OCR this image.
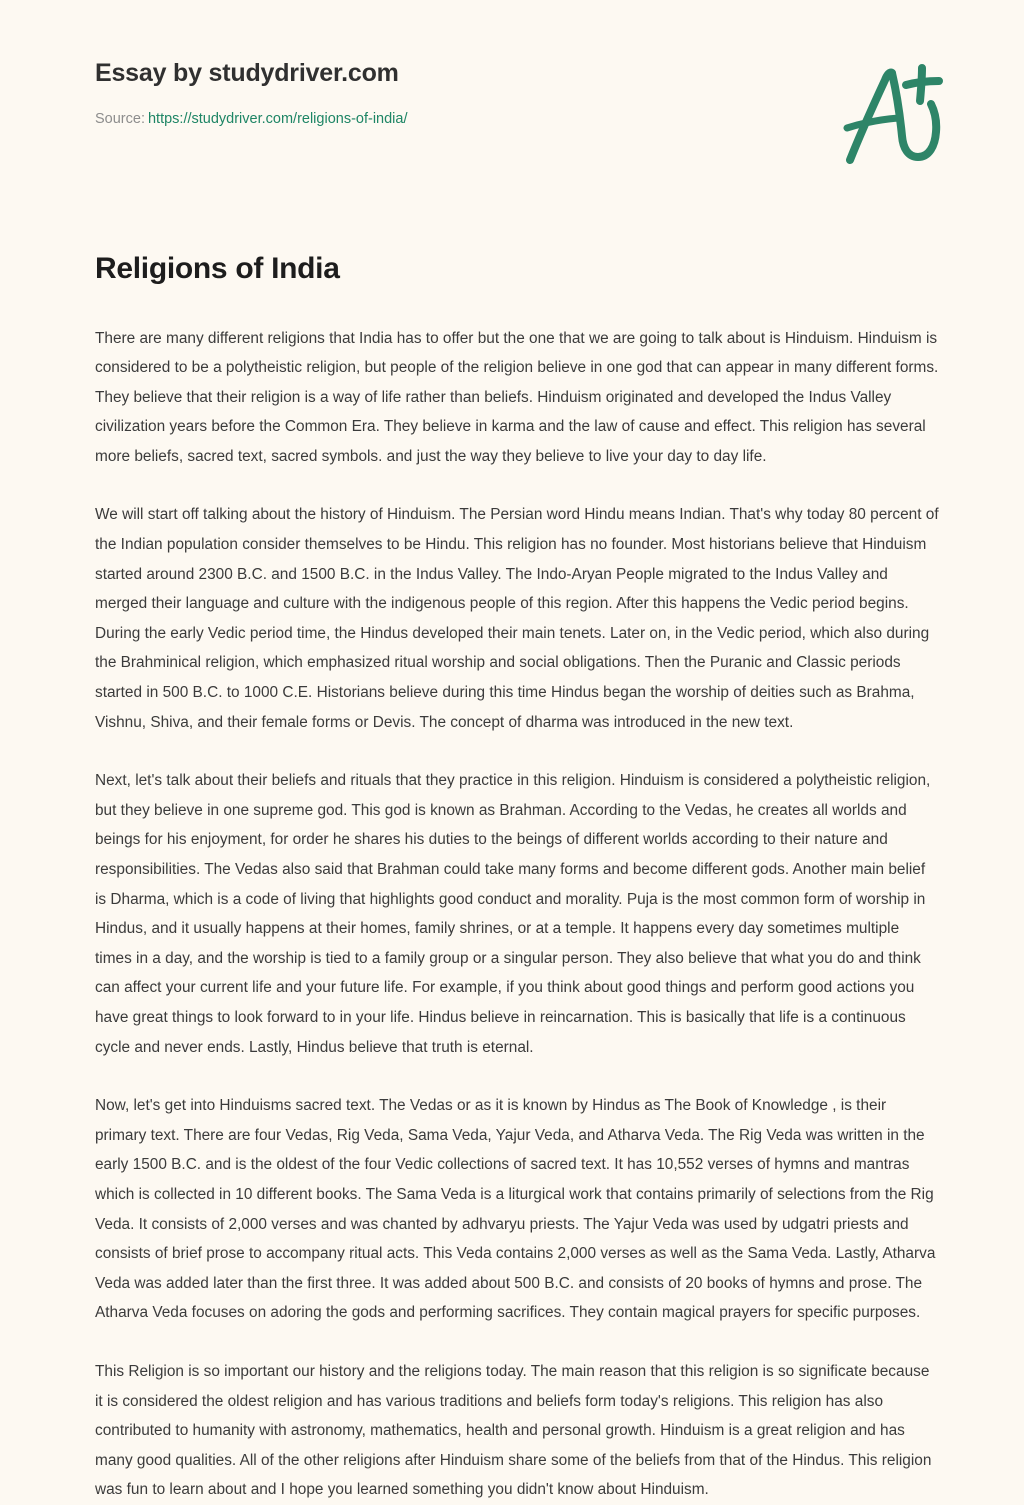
Essay by studydriver.com
Source: https://studydriver.com/religions-of-india/
Religions of India

There are many different religions that India has to offer but the one that we are going to talk about is Hinduism. Hinduism is considered to be a polytheistic religion, but people of the religion believe in one god that can appear in many different forms. They believe that their religion is a way of life rather than beliefs. Hinduism originated and developed the Indus Valley civilization years before the Common Era. They believe in karma and the law of cause and effect. This religion has several more beliefs, sacred text, sacred symbols. and just the way they believe to live your day to day life.

We will start off talking about the history of Hinduism. The Persian word Hindu means Indian. That's why today 80 percent of the Indian population consider themselves to be Hindu. This religion has no founder. Most historians believe that Hinduism started around 2300 B.C. and 1500 B.C. in the Indus Valley. The Indo-Aryan People migrated to the Indus Valley and merged their language and culture with the indigenous people of this region. After this happens the Vedic period begins. During the early Vedic period time, the Hindus developed their main tenets. Later on, in the Vedic period, which also during the Brahminical religion, which emphasized ritual worship and social obligations. Then the Puranic and Classic periods started in 500 B.C. to 1000 C.E. Historians believe during this time Hindus began the worship of deities such as Brahma, Vishnu, Shiva, and their female forms or Devis. The concept of dharma was introduced in the new text.

Next, let's talk about their beliefs and rituals that they practice in this religion. Hinduism is considered a polytheistic religion, but they believe in one supreme god. This god is known as Brahman. According to the Vedas, he creates all worlds and beings for his enjoyment, for order he shares his duties to the beings of different worlds according to their nature and responsibilities. The Vedas also said that Brahman could take many forms and become different gods. Another main belief is Dharma, which is a code of living that highlights good conduct and morality. Puja is the most common form of worship in Hindus, and it usually happens at their homes, family shrines, or at a temple. It happens every day sometimes multiple times in a day, and the worship is tied to a family group or a singular person. They also believe that what you do and think can affect your current life and your future life. For example, if you think about good things and perform good actions you have great things to look forward to in your life. Hindus believe in reincarnation. This is basically that life is a continuous cycle and never ends. Lastly, Hindus believe that truth is eternal.

Now, let's get into Hinduisms sacred text. The Vedas or as it is known by Hindus as The Book of Knowledge , is their primary text. There are four Vedas, Rig Veda, Sama Veda, Yajur Veda, and Atharva Veda. The Rig Veda was written in the early 1500 B.C. and is the oldest of the four Vedic collections of sacred text. It has 10,552 verses of hymns and mantras which is collected in 10 different books. The Sama Veda is a liturgical work that contains primarily of selections from the Rig Veda. It consists of 2,000 verses and was chanted by adhvaryu priests. The Yajur Veda was used by udgatri priests and consists of brief prose to accompany ritual acts. This Veda contains 2,000 verses as well as the Sama Veda. Lastly, Atharva Veda was added later than the first three. It was added about 500 B.C. and consists of 20 books of hymns and prose. The Atharva Veda focuses on adoring the gods and performing sacrifices. They contain magical prayers for specific purposes.

This Religion is so important our history and the religions today. The main reason that this religion is so significate because it is considered the oldest religion and has various traditions and beliefs form today's religions. This religion has also contributed to humanity with astronomy, mathematics, health and personal growth. Hinduism is a great religion and has many good qualities. All of the other religions after Hinduism share some of the beliefs from that of the Hindus. This religion was fun to learn about and I hope you learned something you didn't know about Hinduism.
